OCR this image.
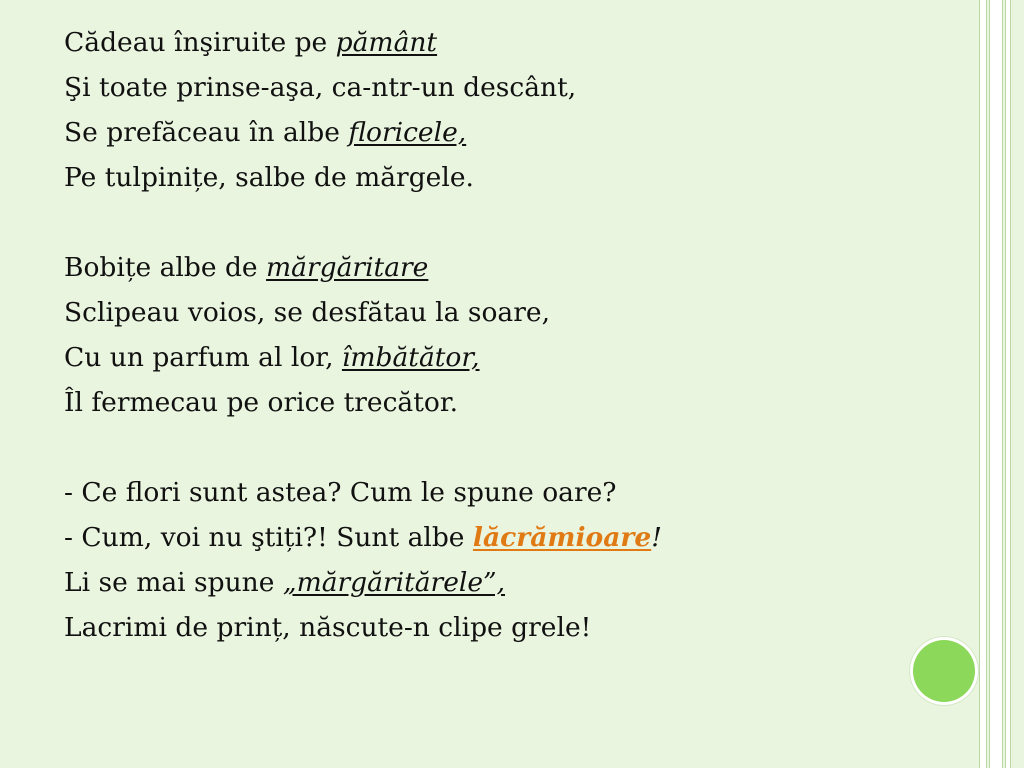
Cădeau înşiruite pe pământ
Şi toate prinse-aşa, ca-ntr-un descânt,
Se prefăceau în albe floricele,
Pe tulpinițe, salbe de mărgele.
Bobițe albe de mărgăritare
Sclipeau voios, se desfătau la soare,
Cu un parfum al lor, îmbătător,
Îl fermecau pe orice trecător.
- Ce flori sunt astea? Cum le spune oare?
- Cum, voi nu ştiți?! Sunt albe lăcrămioare!
Li se mai spune „mărgăritărele”,
Lacrimi de prinț, născute-n clipe grele!
